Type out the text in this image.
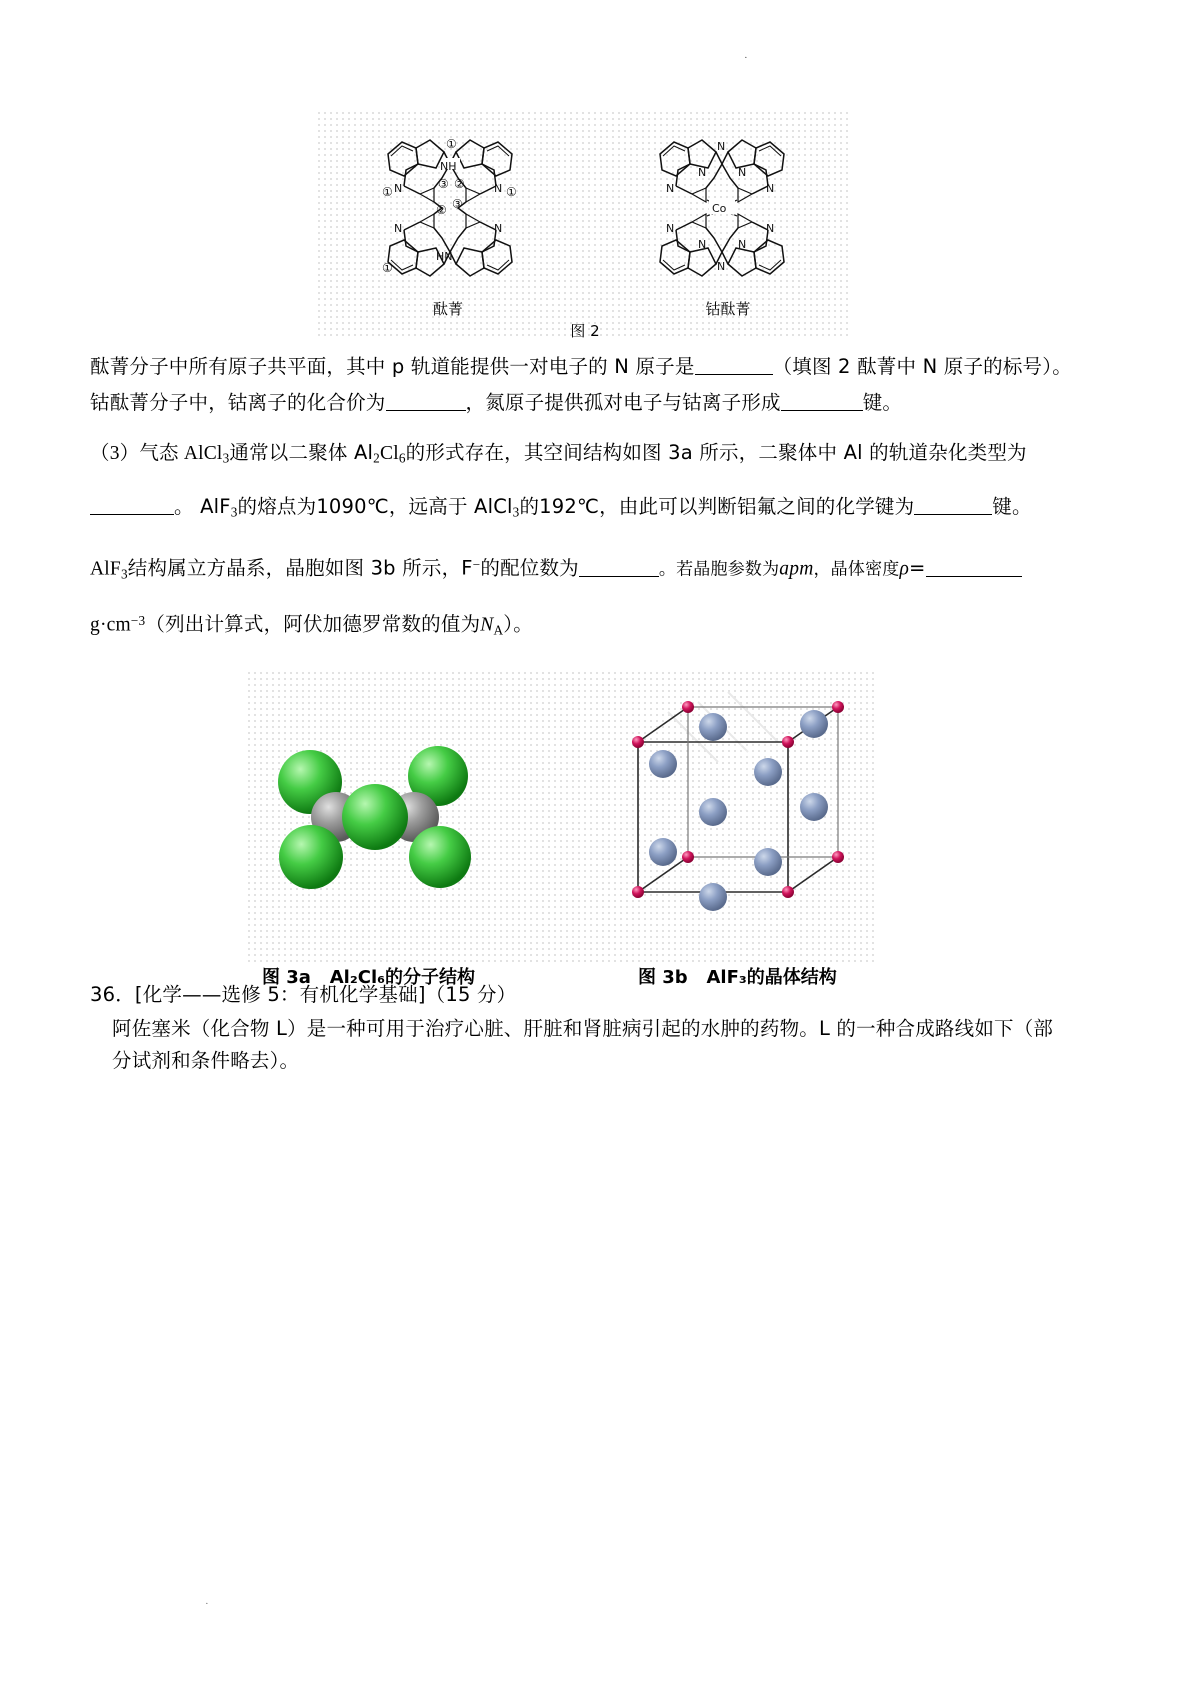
·
NH
HN
N	N
N	N
①
①	①
①
③ ②
② ③	Co
N
N
N	N
N	N
N	N
N	N
酞菁	钴酞菁
图 2
酞菁分子中所有原子共平面，其中 p 轨道能提供一对电子的 N 原子是	（填图 2 酞菁中 N 原子的标号）。
钴酞菁分子中，钴离子的化合价为	，氮原子提供孤对电子与钴离子形成	键。
（3）气态 AlCl$_3$通常以二聚体 $Al_2Cl_6$的形式存在，其空间结构如图 3a 所示，二聚体中 Al 的轨道杂化类型为
。 AlF$_3$的熔点为1090℃，远高于 AlCl$_3$的192℃，由此可以判断铝氟之间的化学键为	键。
AlF$_3$结构属立方晶系，晶胞如图 3b 所示，F−的配位数为	。若晶胞参数为apm，晶体密度ρ=
$g\cdot cm^{-3}$（列出计算式，阿伏加德罗常数的值为$N_A$）。
图 3a Al₂Cl₆的分子结构	图 3b AlF₃的晶体结构
36．[化学——选修 5：有机化学基础]（15 分）
阿佐塞米（化合物 L）是一种可用于治疗心脏、肝脏和肾脏病引起的水肿的药物。L 的一种合成路线如下（部
分试剂和条件略去）。
·
